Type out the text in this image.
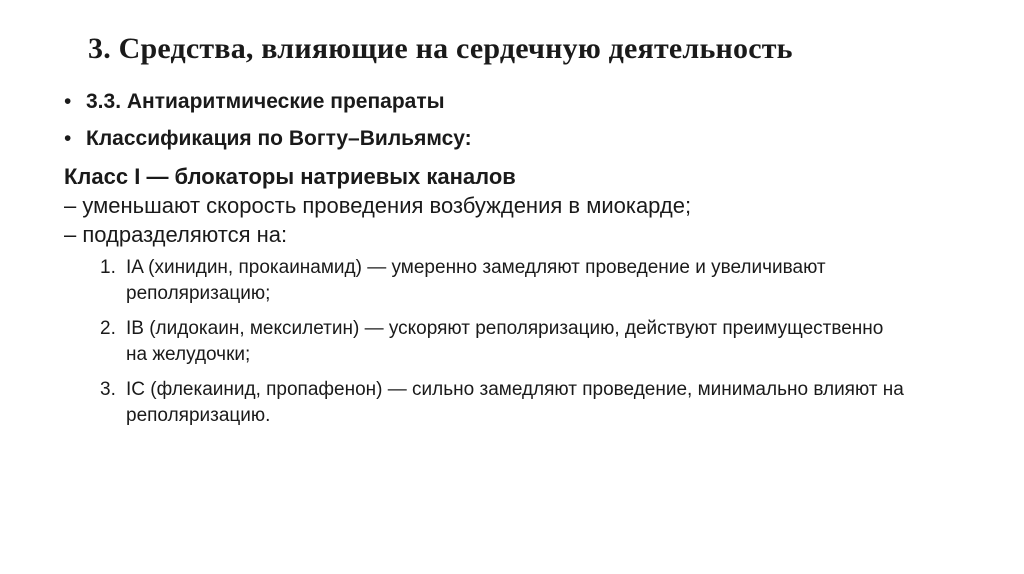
3. Средства, влияющие на сердечную деятельность
• 3.3. Антиаритмические препараты
• Классификация по Вогту–Вильямсу:
Класс I — блокаторы натриевых каналов
– уменьшают скорость проведения возбуждения в миокарде;
– подразделяются на:
1. IA (хинидин, прокаинамид) — умеренно замедляют проведение и увеличивают реполяризацию;
2. IB (лидокаин, мексилетин) — ускоряют реполяризацию, действуют преимущественно на желудочки;
3. IC (флекаинид, пропафенон) — сильно замедляют проведение, минимально влияют на реполяризацию.
